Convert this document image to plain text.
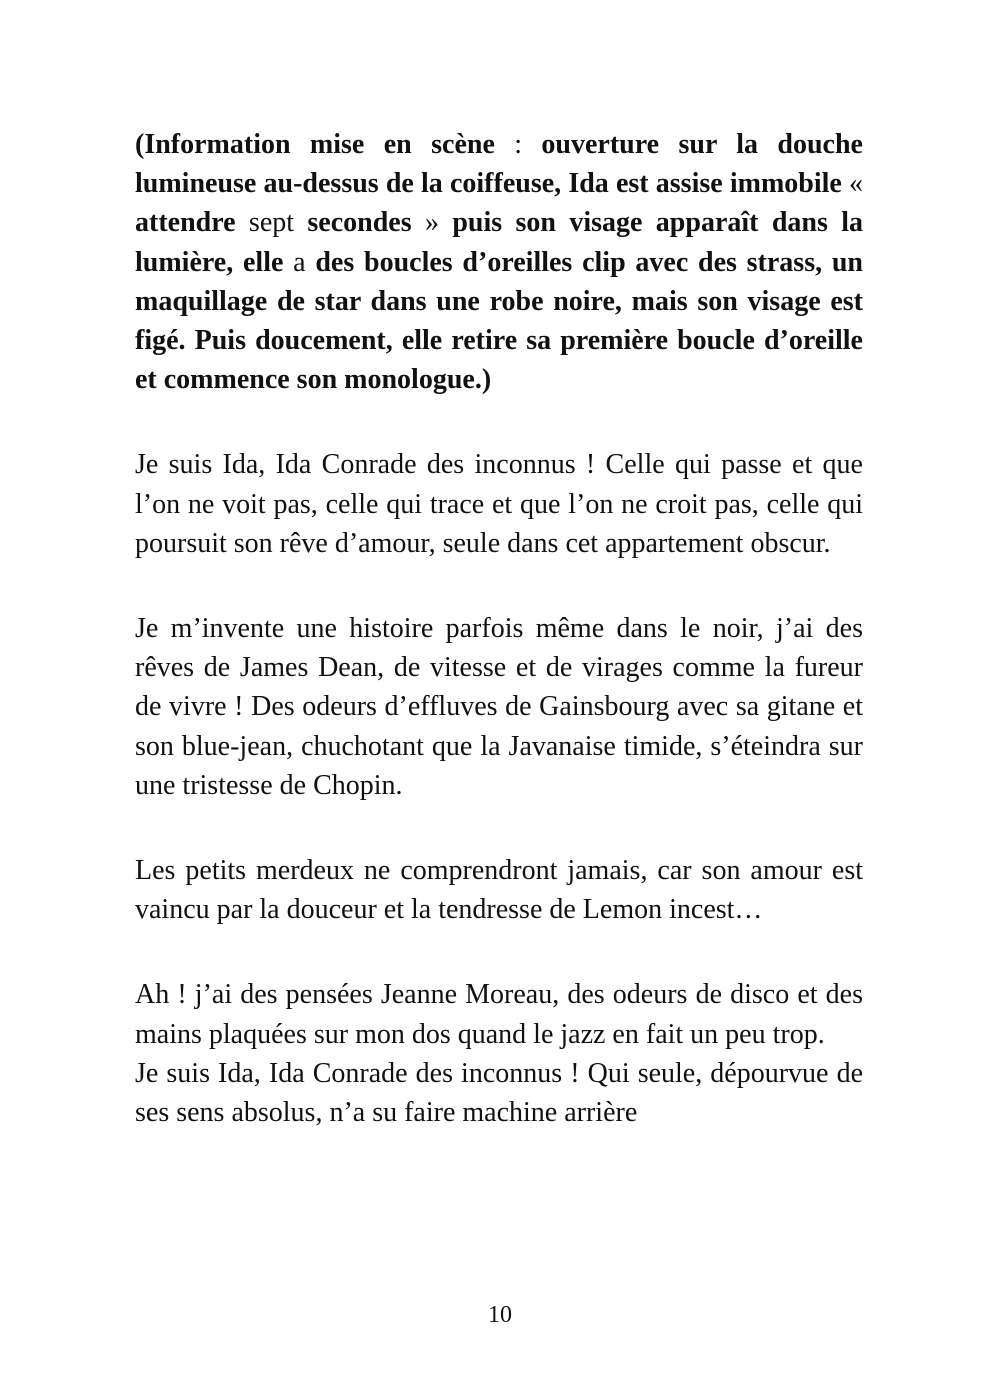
(Information mise en scène : ouverture sur la douche lumineuse au-dessus de la coiffeuse, Ida est assise immobile « attendre sept secondes » puis son visage apparaît dans la lumière, elle a des boucles d’oreilles clip avec des strass, un maquillage de star dans une robe noire, mais son visage est figé. Puis doucement, elle retire sa première boucle d’oreille et commence son monologue.)

Je suis Ida, Ida Conrade des inconnus ! Celle qui passe et que l’on ne voit pas, celle qui trace et que l’on ne croit pas, celle qui poursuit son rêve d’amour, seule dans cet appartement obscur.

Je m’invente une histoire parfois même dans le noir, j’ai des rêves de James Dean, de vitesse et de virages comme la fureur de vivre ! Des odeurs d’effluves de Gainsbourg avec sa gitane et son blue-jean, chuchotant que la Javanaise timide, s’éteindra sur une tristesse de Chopin.

Les petits merdeux ne comprendront jamais, car son amour est vaincu par la douceur et la tendresse de Lemon incest…

Ah ! j’ai des pensées Jeanne Moreau, des odeurs de disco et des mains plaquées sur mon dos quand le jazz en fait un peu trop.

Je suis Ida, Ida Conrade des inconnus ! Qui seule, dépourvue de ses sens absolus, n’a su faire machine arrière

10
